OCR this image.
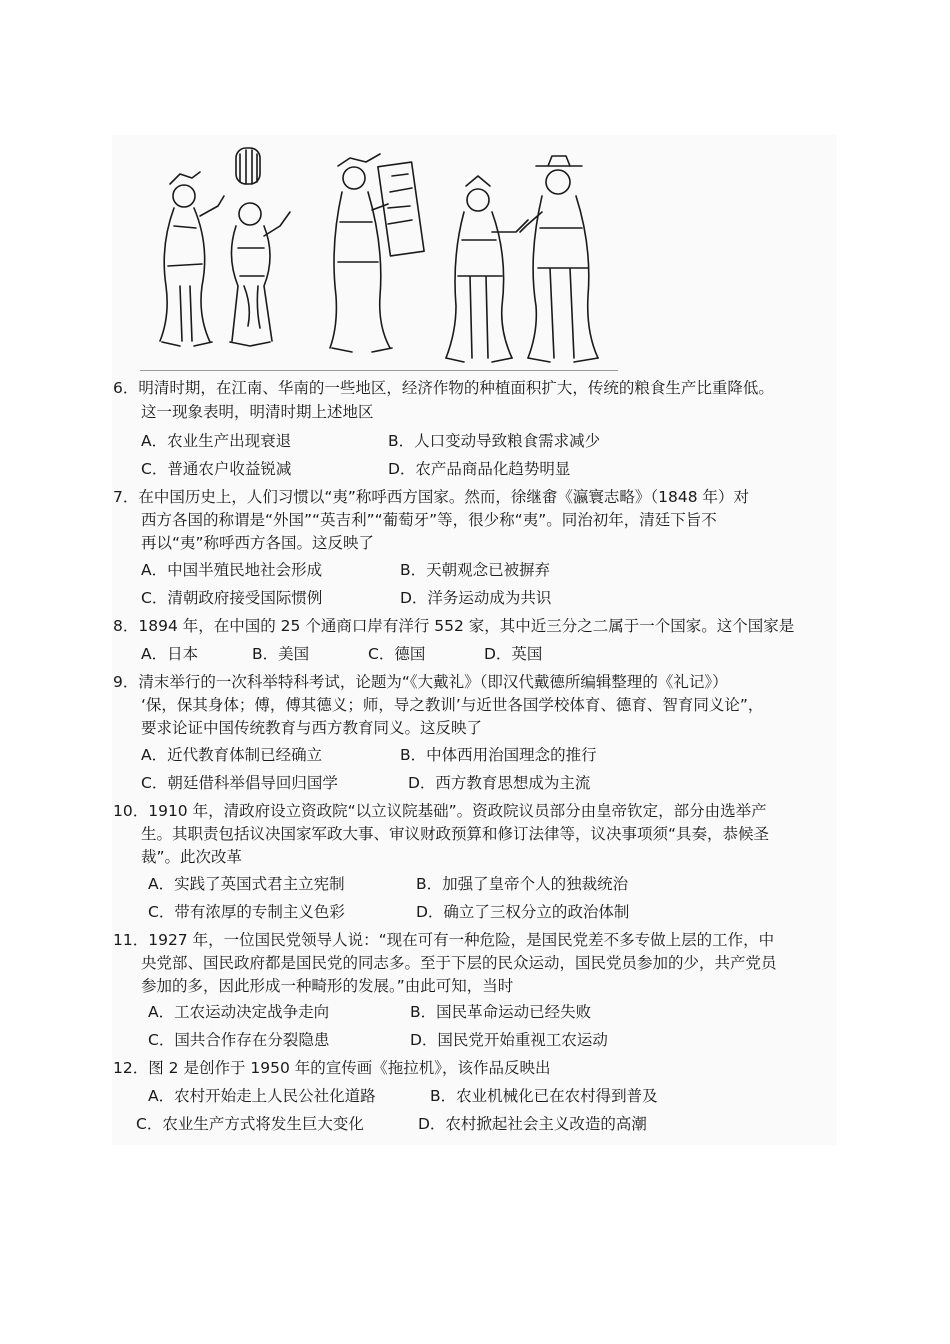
6．明清时期，在江南、华南的一些地区，经济作物的种植面积扩大，传统的粮食生产比重降低。
这一现象表明，明清时期上述地区
A．农业生产出现衰退	B．人口变动导致粮食需求减少
C．普通农户收益锐减	D．农产品商品化趋势明显
7．在中国历史上，人们习惯以“夷”称呼西方国家。然而，徐继畬《瀛寰志略》（1848 年）对
西方各国的称谓是“外国”“英吉利”“葡萄牙”等，很少称“夷”。同治初年，清廷下旨不
再以“夷”称呼西方各国。这反映了
A．中国半殖民地社会形成	B．天朝观念已被摒弃
C．清朝政府接受国际惯例	D．洋务运动成为共识
8．1894 年，在中国的 25 个通商口岸有洋行 552 家，其中近三分之二属于一个国家。这个国家是
A．日本	B．美国	C．德国	D．英国
9．清末举行的一次科举特科考试，论题为“《大戴礼》（即汉代戴德所编辑整理的《礼记》）
‘保，保其身体；傅，傅其德义；师，导之教训’与近世各国学校体育、德育、智育同义论”，
要求论证中国传统教育与西方教育同义。这反映了
A．近代教育体制已经确立	B．中体西用治国理念的推行
C．朝廷借科举倡导回归国学	D．西方教育思想成为主流
10．1910 年，清政府设立资政院“以立议院基础”。资政院议员部分由皇帝钦定，部分由选举产
生。其职责包括议决国家军政大事、审议财政预算和修订法律等，议决事项须“具奏，恭候圣
裁”。此次改革
A．实践了英国式君主立宪制	B．加强了皇帝个人的独裁统治
C．带有浓厚的专制主义色彩	D．确立了三权分立的政治体制
11．1927 年，一位国民党领导人说：“现在可有一种危险，是国民党差不多专做上层的工作，中
央党部、国民政府都是国民党的同志多。至于下层的民众运动，国民党员参加的少，共产党员
参加的多，因此形成一种畸形的发展。”由此可知，当时
A．工农运动决定战争走向	B．国民革命运动已经失败
C．国共合作存在分裂隐患	D．国民党开始重视工农运动
12．图 2 是创作于 1950 年的宣传画《拖拉机》，该作品反映出
A．农村开始走上人民公社化道路	B．农业机械化已在农村得到普及
C．农业生产方式将发生巨大变化	D．农村掀起社会主义改造的高潮
